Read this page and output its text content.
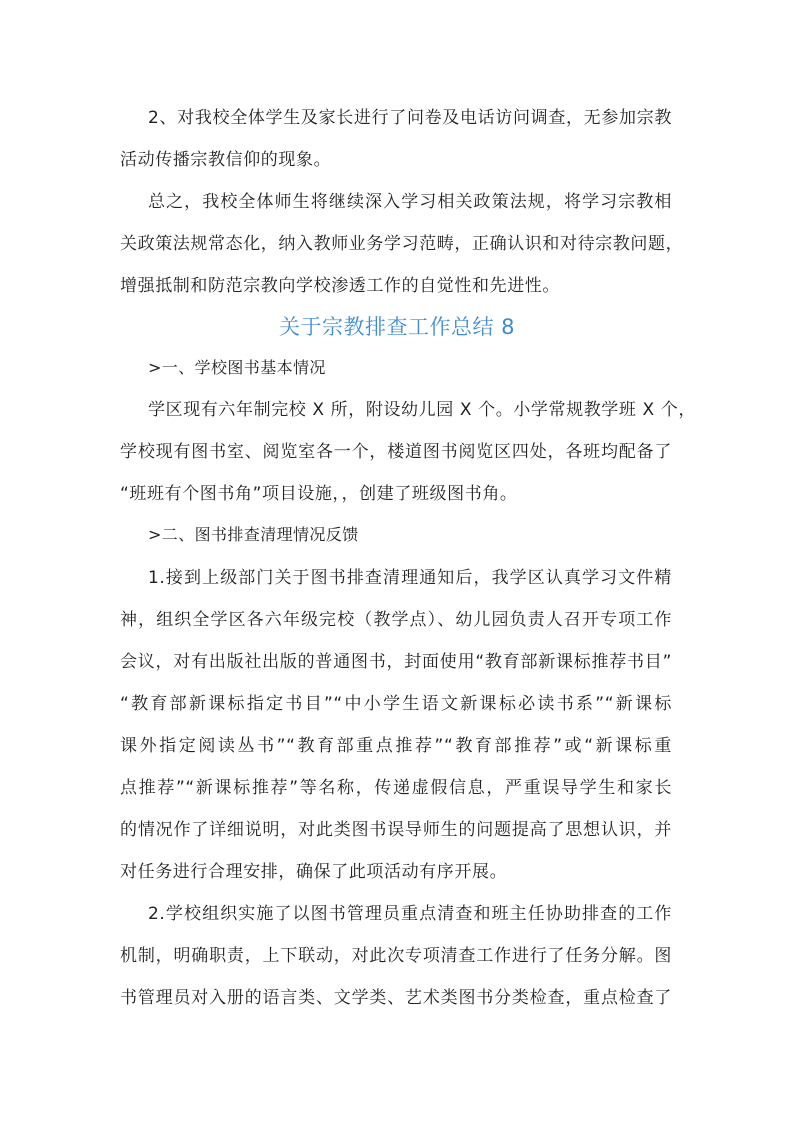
2、对我校全体学生及家长进行了问卷及电话访问调查，无参加宗教
活动传播宗教信仰的现象。
总之，我校全体师生将继续深入学习相关政策法规，将学习宗教相
关政策法规常态化，纳入教师业务学习范畴，正确认识和对待宗教问题，
增强抵制和防范宗教向学校渗透工作的自觉性和先进性。
关于宗教排查工作总结 8
>一、学校图书基本情况
学区现有六年制完校 X 所，附设幼儿园 X 个。小学常规教学班 X 个，
学校现有图书室、阅览室各一个，楼道图书阅览区四处，各班均配备了
“班班有个图书角”项目设施，，创建了班级图书角。
>二、图书排查清理情况反馈
1.接到上级部门关于图书排查清理通知后，我学区认真学习文件精
神，组织全学区各六年级完校（教学点）、幼儿园负责人召开专项工作
会议，对有出版社出版的普通图书，封面使用“教育部新课标推荐书目”
“教育部新课标指定书目”“中小学生语文新课标必读书系”“新课标
课外指定阅读丛书”“教育部重点推荐”“教育部推荐”或“新课标重
点推荐”“新课标推荐”等名称，传递虚假信息，严重误导学生和家长
的情况作了详细说明，对此类图书误导师生的问题提高了思想认识，并
对任务进行合理安排，确保了此项活动有序开展。
2.学校组织实施了以图书管理员重点清查和班主任协助排查的工作
机制，明确职责，上下联动，对此次专项清查工作进行了任务分解。图
书管理员对入册的语言类、文学类、艺术类图书分类检查，重点检查了
